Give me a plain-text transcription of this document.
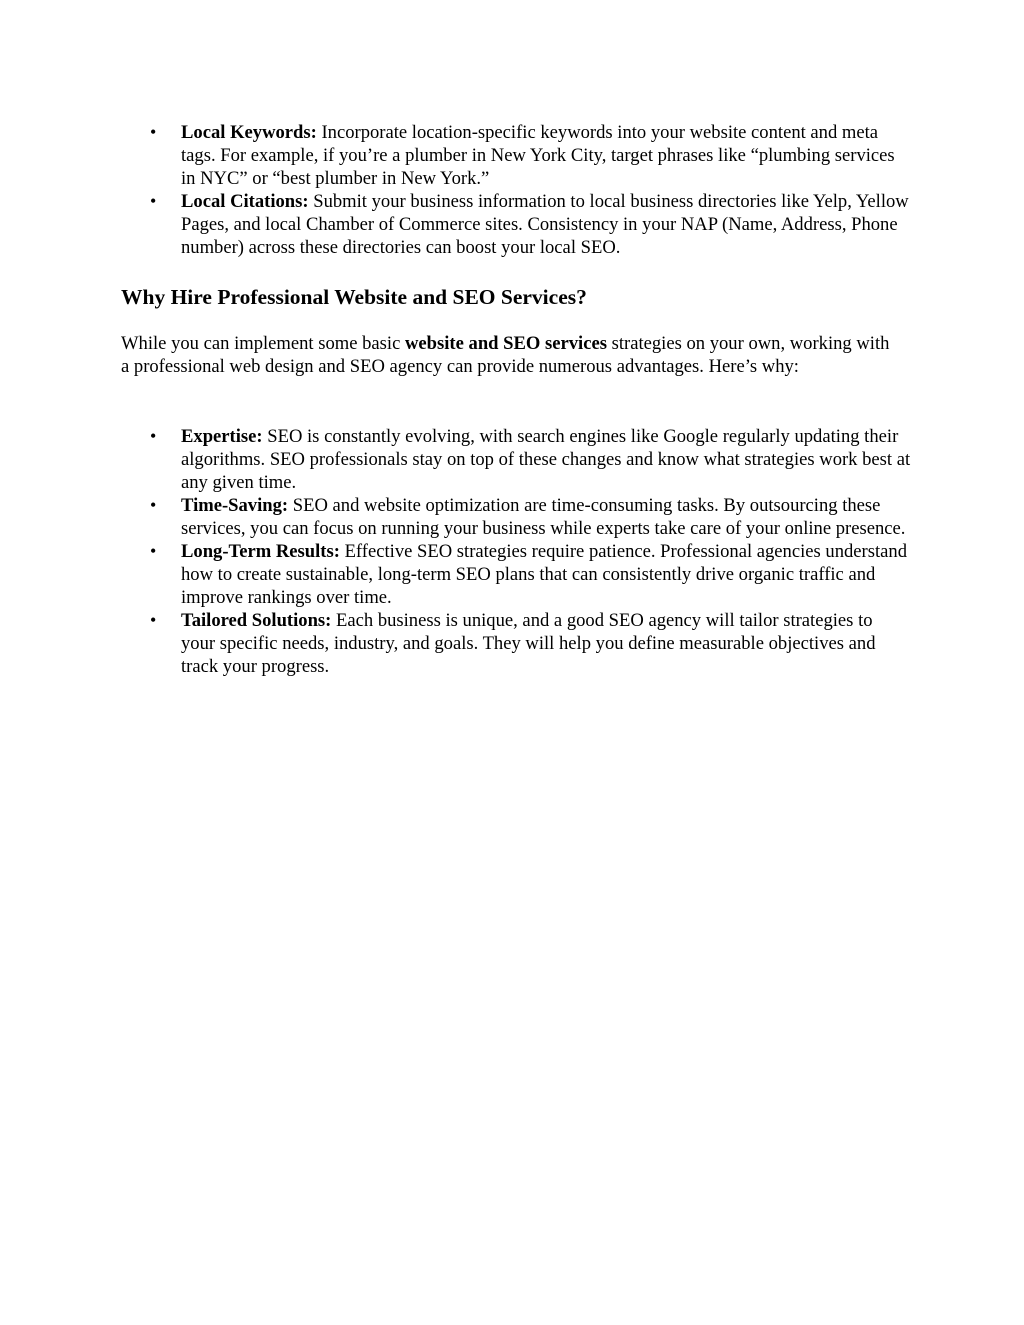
• Local Keywords: Incorporate location-specific keywords into your website content and meta tags. For example, if you’re a plumber in New York City, target phrases like “plumbing services in NYC” or “best plumber in New York.”
• Local Citations: Submit your business information to local business directories like Yelp, Yellow Pages, and local Chamber of Commerce sites. Consistency in your NAP (Name, Address, Phone number) across these directories can boost your local SEO.
Why Hire Professional Website and SEO Services?

While you can implement some basic website and SEO services strategies on your own, working with a professional web design and SEO agency can provide numerous advantages. Here’s why:

• Expertise: SEO is constantly evolving, with search engines like Google regularly updating their algorithms. SEO professionals stay on top of these changes and know what strategies work best at any given time.
• Time-Saving: SEO and website optimization are time-consuming tasks. By outsourcing these services, you can focus on running your business while experts take care of your online presence.
• Long-Term Results: Effective SEO strategies require patience. Professional agencies understand how to create sustainable, long-term SEO plans that can consistently drive organic traffic and improve rankings over time.
• Tailored Solutions: Each business is unique, and a good SEO agency will tailor strategies to your specific needs, industry, and goals. They will help you define measurable objectives and track your progress.
